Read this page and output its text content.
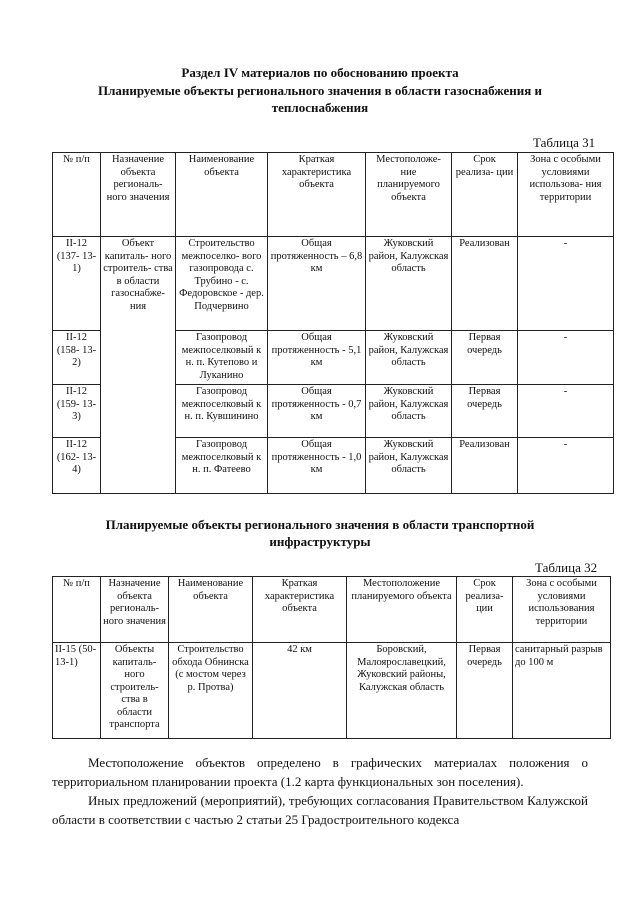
Раздел IV материалов по обоснованию проекта
Планируемые объекты регионального значения в области газоснабжения и
теплоснабжения
Таблица 31
№ п/п	Назначение объекта региональ- ного значения	Наименование объекта	Краткая характеристика объекта	Местоположе- ние планируемого объекта	Срок реализа- ции	Зона с особыми условиями использова- ния территории
II-12 (137- 13-1)	Объект капиталь- ного строитель- ства в области газоснабже- ния	Строительство межпоселко- вого газопровода с. Трубино - с. Федоровское - дер. Подчервино	Общая протяженность – 6,8 км	Жуковский район, Калужская область	Реализован	-
II-12 (158- 13-2)		Газопровод межпоселковый к н. п. Кутепово и Луканино	Общая протяженность - 5,1 км	Жуковский район, Калужская область	Первая очередь	-
II-12 (159- 13-3)		Газопровод межпоселковый к н. п. Кувшинино	Общая протяженность - 0,7 км	Жуковский район, Калужская область	Первая очередь	-
II-12 (162- 13-4)		Газопровод межпоселковый к н. п. Фатеево	Общая протяженность - 1,0 км	Жуковский район, Калужская область	Реализован	-
Планируемые объекты регионального значения в области транспортной
инфраструктуры
Таблица 32
№ п/п	Назначение объекта региональ- ного значения	Наименование объекта	Краткая характеристика объекта	Местоположение планируемого объекта	Срок реализа- ции	Зона с особыми условиями использования территории
II-15 (50- 13-1)	Объекты капиталь- ного строитель- ства в области транспорта	Строительство обхода Обнинска (с мостом через р. Протва)	42 км	Боровский, Малоярославецкий, Жуковский районы, Калужская область	Первая очередь	санитарный разрыв до 100 м

Местоположение объектов определено в графических материалах положения о территориальном планировании проекта (1.2 карта функциональных зон поселения).

Иных предложений (мероприятий), требующих согласования Правительством Калужской области в соответствии с частью 2 статьи 25 Градостроительного кодекса
